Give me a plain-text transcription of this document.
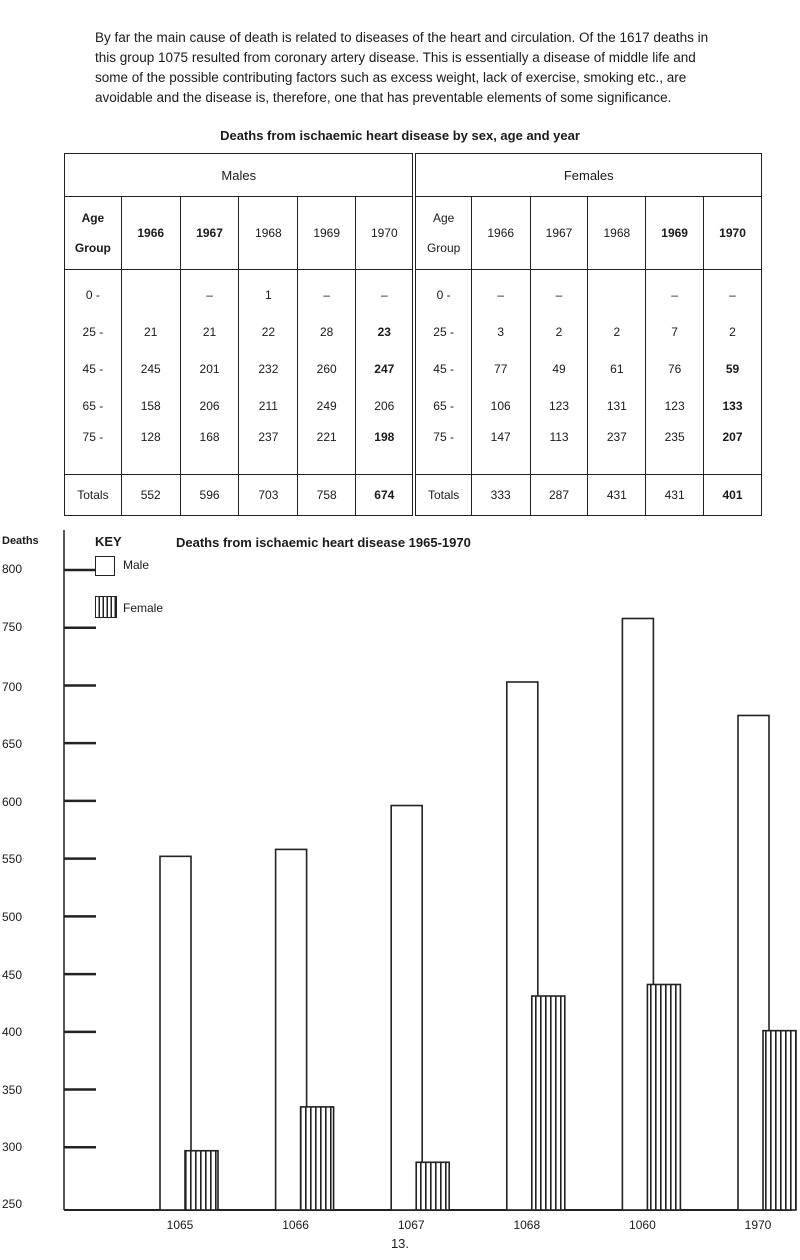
By far the main cause of death is related to diseases of the heart and circulation. Of the 1617 deaths in this group 1075 resulted from coronary artery disease. This is essentially a disease of middle life and some of the possible contributing factors such as excess weight, lack of exercise, smoking etc., are avoidable and the disease is, therefore, one that has preventable elements of some significance.

Deaths from ischaemic heart disease by sex, age and year
Males						Females					
Age
Group	1966	1967	1968	1969	1970	Age
Group	1966	1967	1968	1969	1970
0 -		–	1	–	–	0 -	–	–		–	–
25 -	21	21	22	28	23	25 -	3	2	2	7	2
45 -	245	201	232	260	247	45 -	77	49	61	76	59
65 -	158	206	211	249	206	65 -	106	123	131	123	133
75 -	128	168	237	221	198	75 -	147	113	237	235	207
Totals	552	596	703	758	674	Totals	333	287	431	431	401
Deaths
800
750
700
650
600
550
500
450
400
350
300
250
KEY	Deaths from ischaemic heart disease 1965-1970
Male
Female
1065	1066	1067	1068	1060	1970
13.
